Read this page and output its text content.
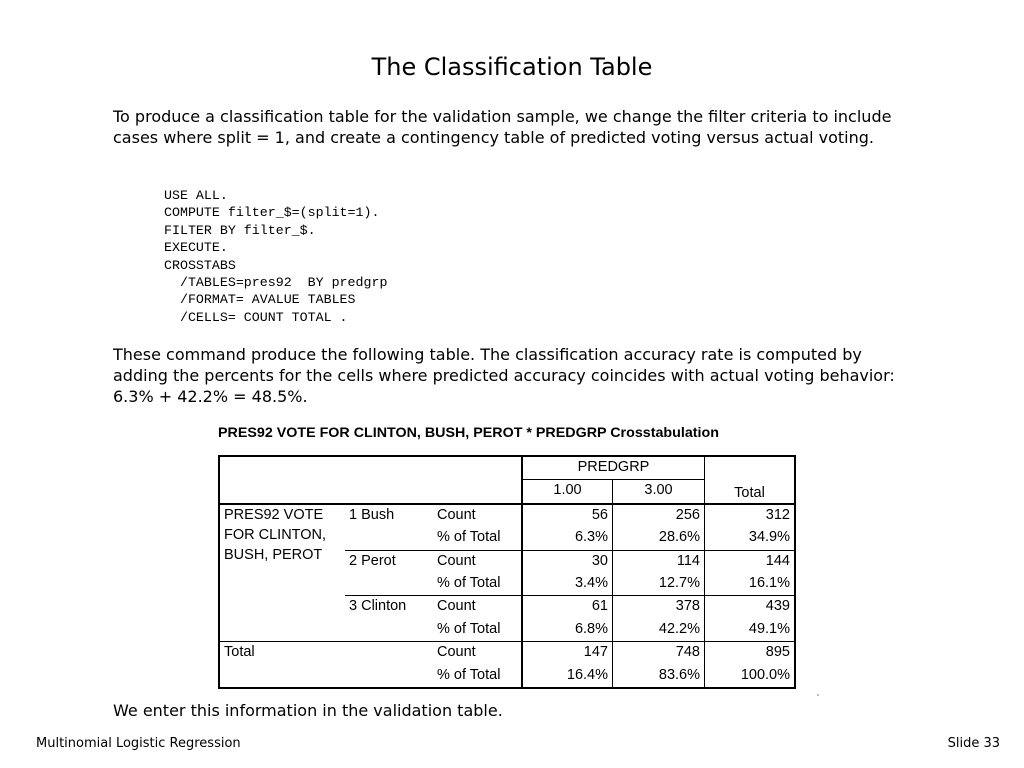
The Classification Table

To produce a classification table for the validation sample, we change the filter criteria to include cases where split = 1, and create a contingency table of predicted voting versus actual voting.

USE ALL.
COMPUTE filter_$=(split=1).
FILTER BY filter_$.
EXECUTE.
CROSSTABS
/TABLES=pres92  BY predgrp
/FORMAT= AVALUE TABLES
/CELLS= COUNT TOTAL .

These command produce the following table. The classification accuracy rate is computed by adding the percents for the cells where predicted accuracy coincides with actual voting behavior: 6.3% + 42.2% = 48.5%.

PRES92 VOTE FOR CLINTON, BUSH, PEROT * PREDGRP Crosstabulation
			PREDGRP		Total
			1.00	3.00	
PRES92 VOTE FOR CLINTON, BUSH, PEROT	1 Bush	Count	56	256	312
		% of Total	6.3%	28.6%	34.9%
	2 Perot	Count	30	114	144
		% of Total	3.4%	12.7%	16.1%
	3 Clinton	Count	61	378	439
		% of Total	6.8%	42.2%	49.1%
Total		Count	147	748	895
		% of Total	16.4%	83.6%	100.0%

We enter this information in the validation table.

Multinomial Logistic Regression	Slide 33
